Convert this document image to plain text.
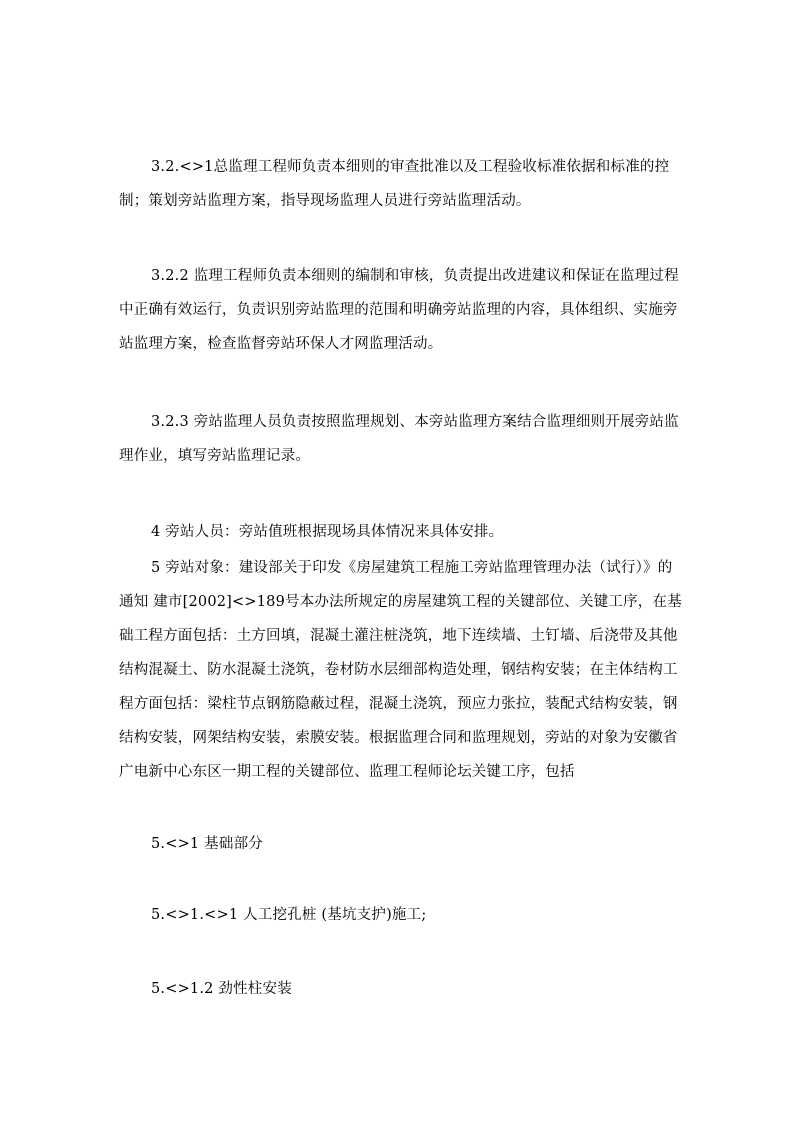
3.2.<>1总监理工程师负责本细则的审查批准以及工程验收标准依据和标准的控制；策划旁站监理方案，指导现场监理人员进行旁站监理活动。

3.2.2 监理工程师负责本细则的编制和审核，负责提出改进建议和保证在监理过程中正确有效运行，负责识别旁站监理的范围和明确旁站监理的内容，具体组织、实施旁站监理方案，检查监督旁站环保人才网监理活动。

3.2.3 旁站监理人员负责按照监理规划、本旁站监理方案结合监理细则开展旁站监理作业，填写旁站监理记录。

4 旁站人员：旁站值班根据现场具体情况来具体安排。

5 旁站对象：建设部关于印发《房屋建筑工程施工旁站监理管理办法（试行）》的通知 建市[2002]<>189号本办法所规定的房屋建筑工程的关键部位、关键工序，在基础工程方面包括：土方回填，混凝土灌注桩浇筑，地下连续墙、土钉墙、后浇带及其他结构混凝土、防水混凝土浇筑，卷材防水层细部构造处理，钢结构安装；在主体结构工程方面包括：梁柱节点钢筋隐蔽过程，混凝土浇筑，预应力张拉，装配式结构安装，钢结构安装，网架结构安装，索膜安装。根据监理合同和监理规划，旁站的对象为安徽省广电新中心东区一期工程的关键部位、监理工程师论坛关键工序，包括

5.<>1 基础部分
5.<>1.<>1 人工挖孔桩 (基坑支护)施工;
5.<>1.2 劲性柱安装
